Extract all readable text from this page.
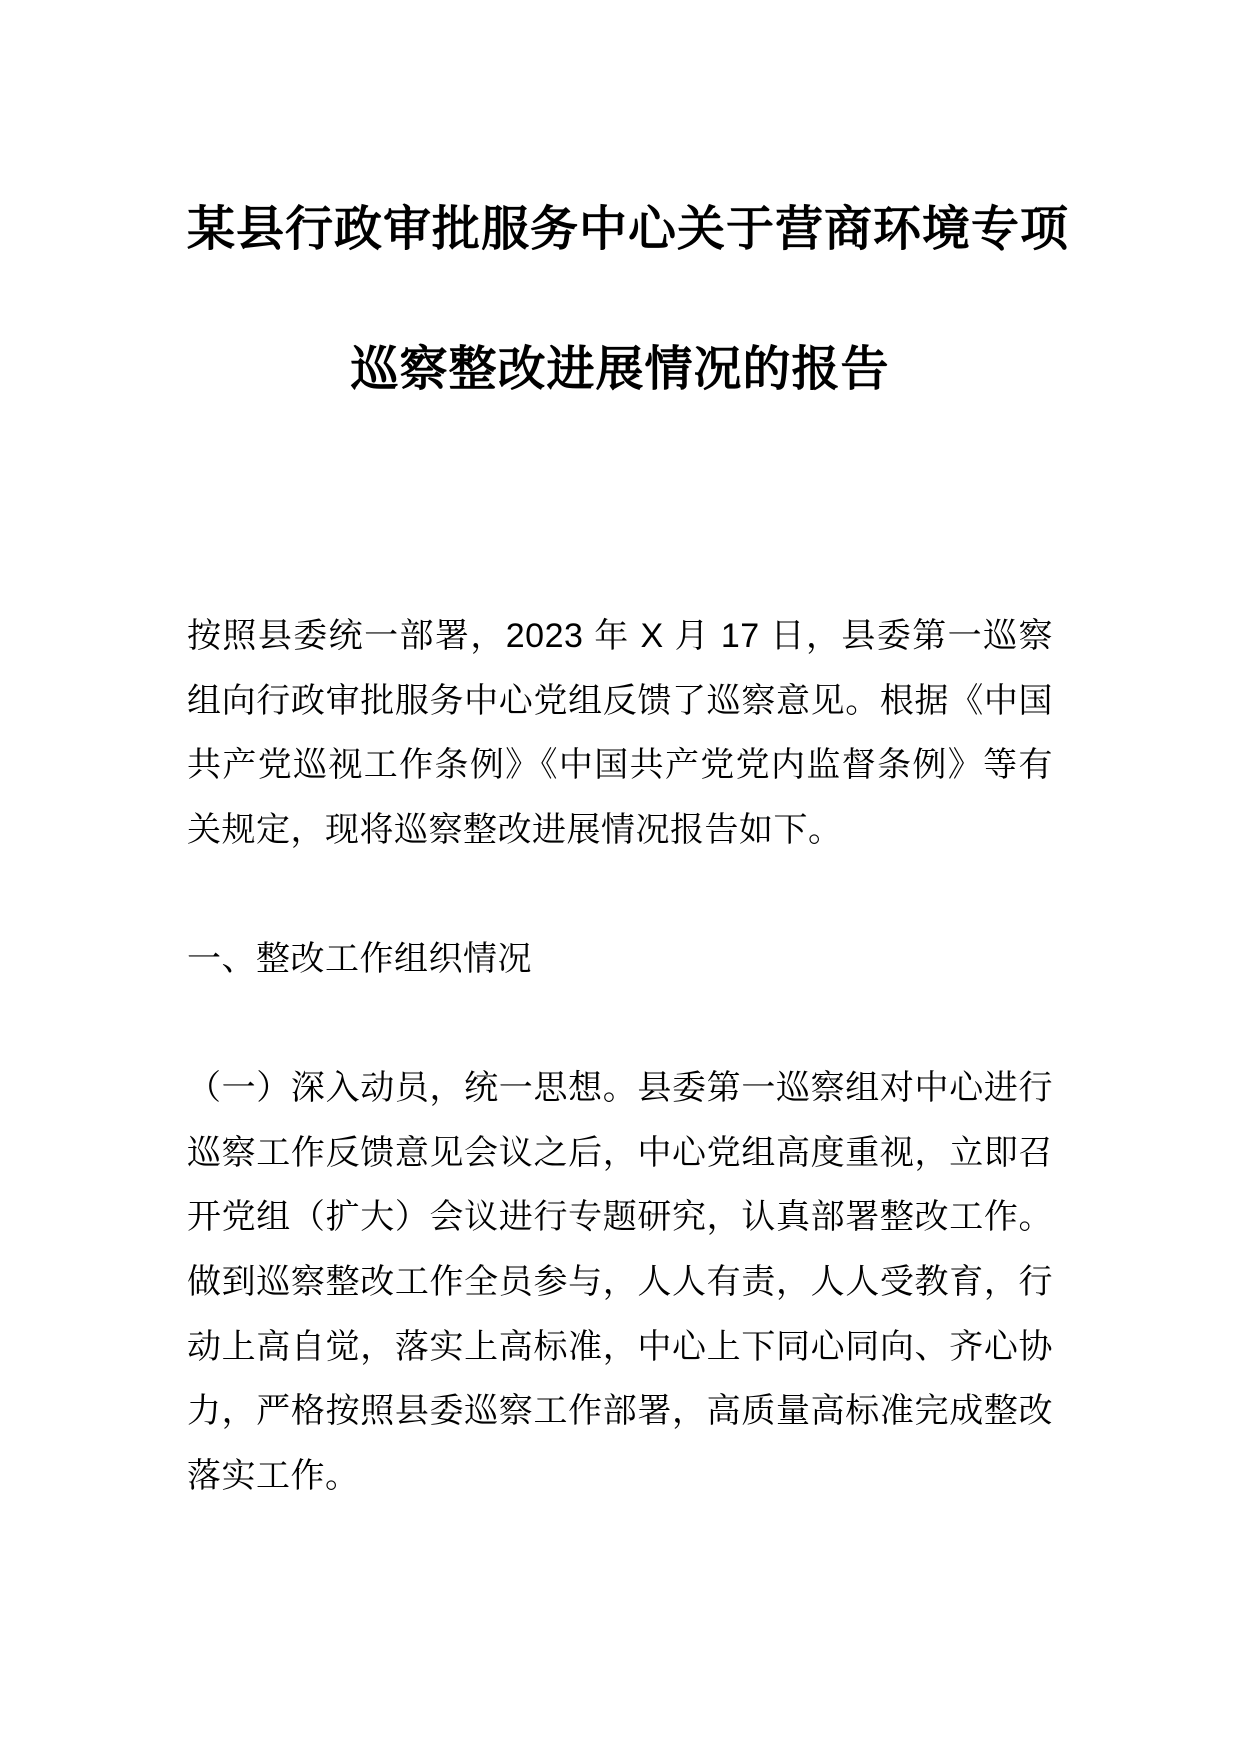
某县行政审批服务中心关于营商环境专项
巡察整改进展情况的报告

按照县委统一部署，2023 年 X 月 17 日，县委第一巡察组向行政审批服务中心党组反馈了巡察意见。根据《中国共产党巡视工作条例》《中国共产党党内监督条例》等有关规定，现将巡察整改进展情况报告如下。

一、整改工作组织情况

（一）深入动员，统一思想。县委第一巡察组对中心进行巡察工作反馈意见会议之后，中心党组高度重视，立即召开党组（扩大）会议进行专题研究，认真部署整改工作。做到巡察整改工作全员参与，人人有责，人人受教育，行动上高自觉，落实上高标准，中心上下同心同向、齐心协力，严格按照县委巡察工作部署，高质量高标准完成整改落实工作。
